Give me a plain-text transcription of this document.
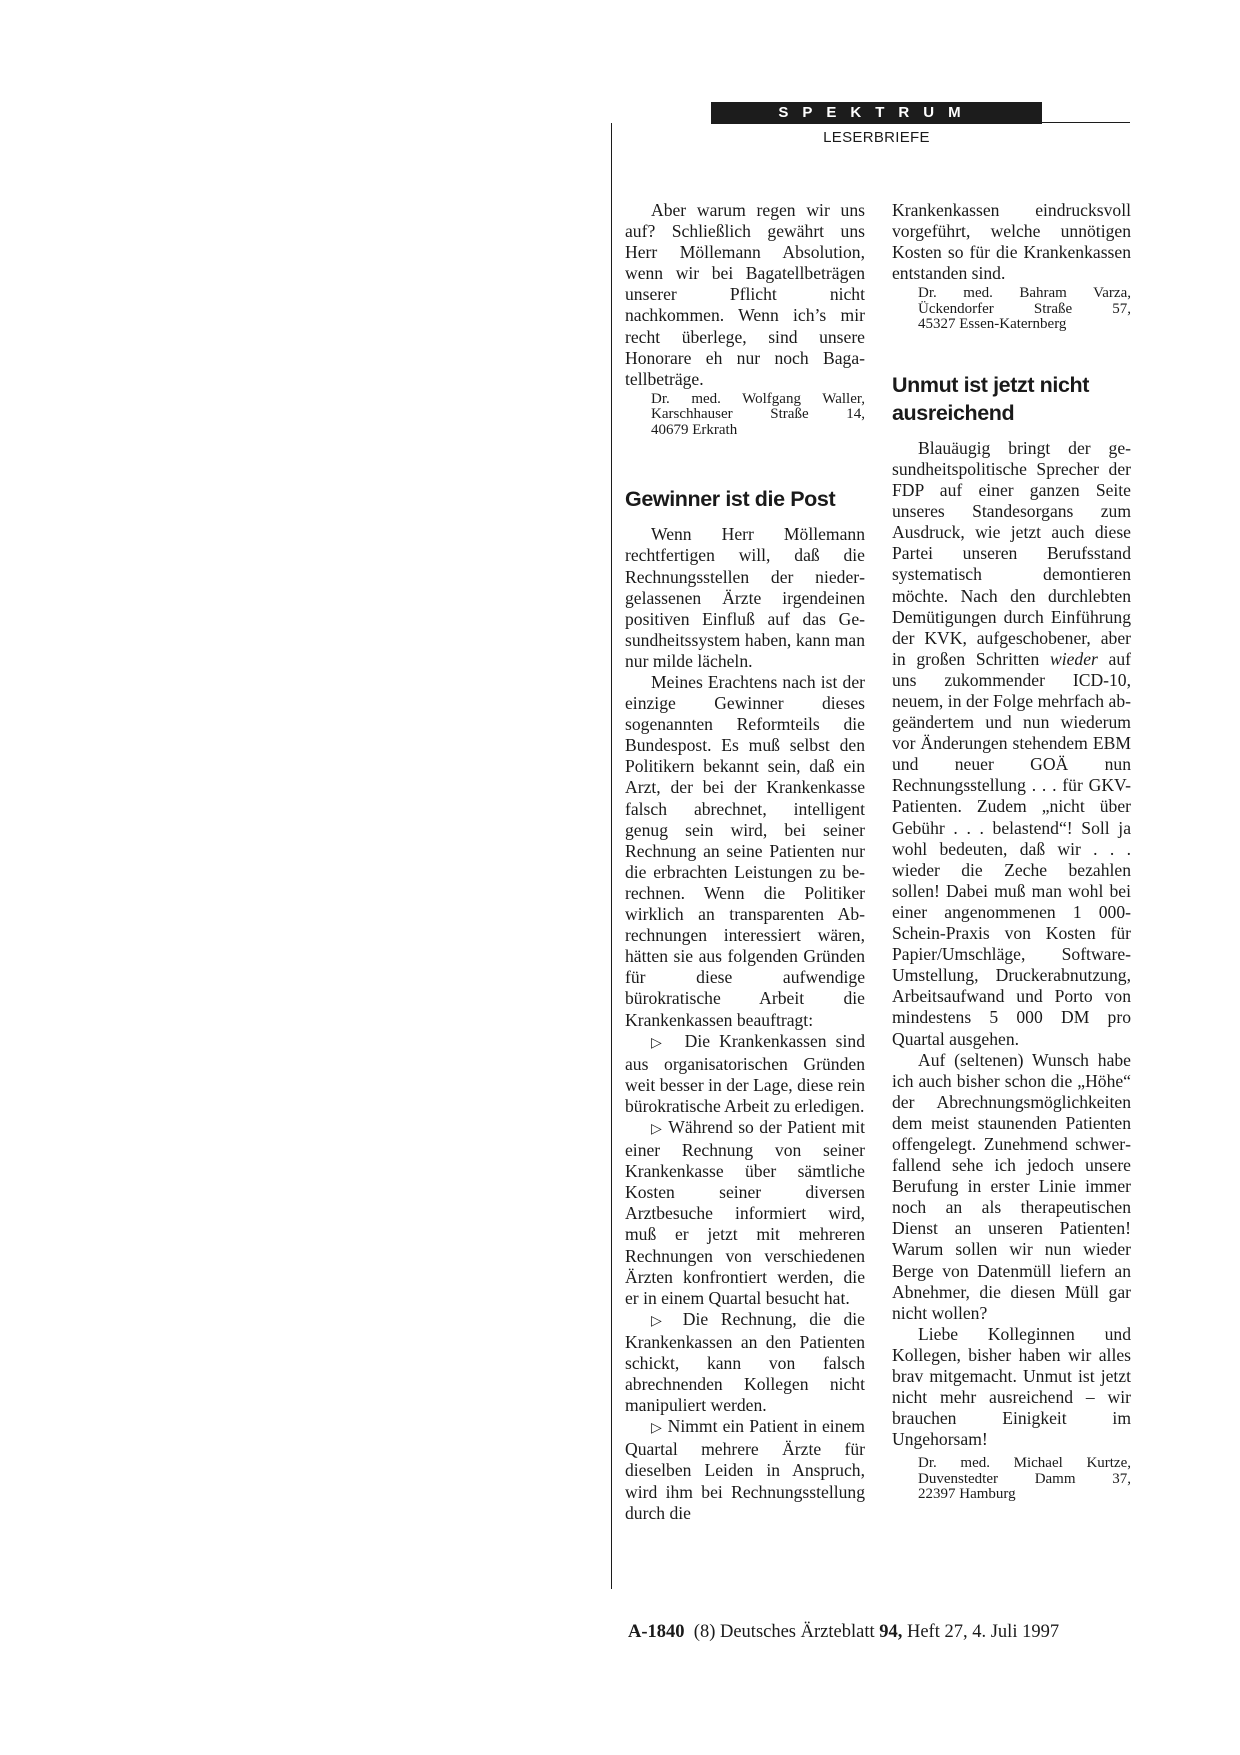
SPEKTRUM
LESERBRIEFE

Aber warum regen wir uns auf? Schließlich gewährt uns Herr Möllemann Absolution, wenn wir bei Bagatellbeträgen unserer Pflicht nicht nachkommen. Wenn ich’s mir recht überlege, sind unsere Honorare eh nur noch Bagatellbeträge.

Dr. med. Wolfgang Waller,
Karschhauser Straße 14,
40679 Erkrath
Gewinner ist die Post

Wenn Herr Möllemann rechtfertigen will, daß die Rechnungsstellen der niedergelassenen Ärzte irgendeinen positiven Einfluß auf das Gesundheitssystem haben, kann man nur milde lächeln.

Meines Erachtens nach ist der einzige Gewinner dieses sogenannten Reformteils die Bundespost. Es muß selbst den Politikern bekannt sein, daß ein Arzt, der bei der Krankenkasse falsch abrechnet, intelligent genug sein wird, bei seiner Rechnung an seine Patienten nur die erbrachten Leistungen zu berechnen. Wenn die Politiker wirklich an transparenten Abrechnungen interessiert wären, hätten sie aus folgenden Gründen für diese aufwendige bürokratische Arbeit die Krankenkassen beauftragt:

▷ Die Krankenkassen sind aus organisatorischen Gründen weit besser in der Lage, diese rein bürokratische Arbeit zu erledigen.

▷ Während so der Patient mit einer Rechnung von seiner Krankenkasse über sämtliche Kosten seiner diversen Arztbesuche informiert wird, muß er jetzt mit mehreren Rechnungen von verschiedenen Ärzten konfrontiert werden, die er in einem Quartal besucht hat.

▷ Die Rechnung, die die Krankenkassen an den Patienten schickt, kann von falsch abrechnenden Kollegen nicht manipuliert werden.

▷ Nimmt ein Patient in einem Quartal mehrere Ärzte für dieselben Leiden in Anspruch, wird ihm bei Rechnungsstellung durch die

Krankenkassen eindrucksvoll vorgeführt, welche unnötigen Kosten so für die Krankenkassen entstanden sind.

Dr. med. Bahram Varza,
Ückendorfer Straße 57,
45327 Essen-Katernberg
Unmut ist jetzt nicht ausreichend

Blauäugig bringt der gesundheitspolitische Sprecher der FDP auf einer ganzen Seite unseres Standesorgans zum Ausdruck, wie jetzt auch diese Partei unseren Berufsstand systematisch demontieren möchte. Nach den durchlebten Demütigungen durch Einführung der KVK, aufgeschobener, aber in großen Schritten wieder auf uns zukommender ICD-10, neuem, in der Folge mehrfach abgeändertem und nun wiederum vor Änderungen stehendem EBM und neuer GOÄ nun Rechnungsstellung . . . für GKV-Patienten. Zudem „nicht über Gebühr . . . belastend“! Soll ja wohl bedeuten, daß wir . . . wieder die Zeche bezahlen sollen! Dabei muß man wohl bei einer angenommenen 1 000-Schein-Praxis von Kosten für Papier/Umschläge, Software-Umstellung, Druckerabnutzung, Arbeitsaufwand und Porto von mindestens 5 000 DM pro Quartal ausgehen.

Auf (seltenen) Wunsch habe ich auch bisher schon die „Höhe“ der Abrechnungsmöglichkeiten dem meist staunenden Patienten offengelegt. Zunehmend schwerfallend sehe ich jedoch unsere Berufung in erster Linie immer noch an als therapeutischen Dienst an unseren Patienten! Warum sollen wir nun wieder Berge von Datenmüll liefern an Abnehmer, die diesen Müll gar nicht wollen?

Liebe Kolleginnen und Kollegen, bisher haben wir alles brav mitgemacht. Unmut ist jetzt nicht mehr ausreichend – wir brauchen Einigkeit im Ungehorsam!

Dr. med. Michael Kurtze,
Duvenstedter Damm 37,
22397 Hamburg
A-1840 (8) Deutsches Ärzteblatt 94, Heft 27, 4. Juli 1997
